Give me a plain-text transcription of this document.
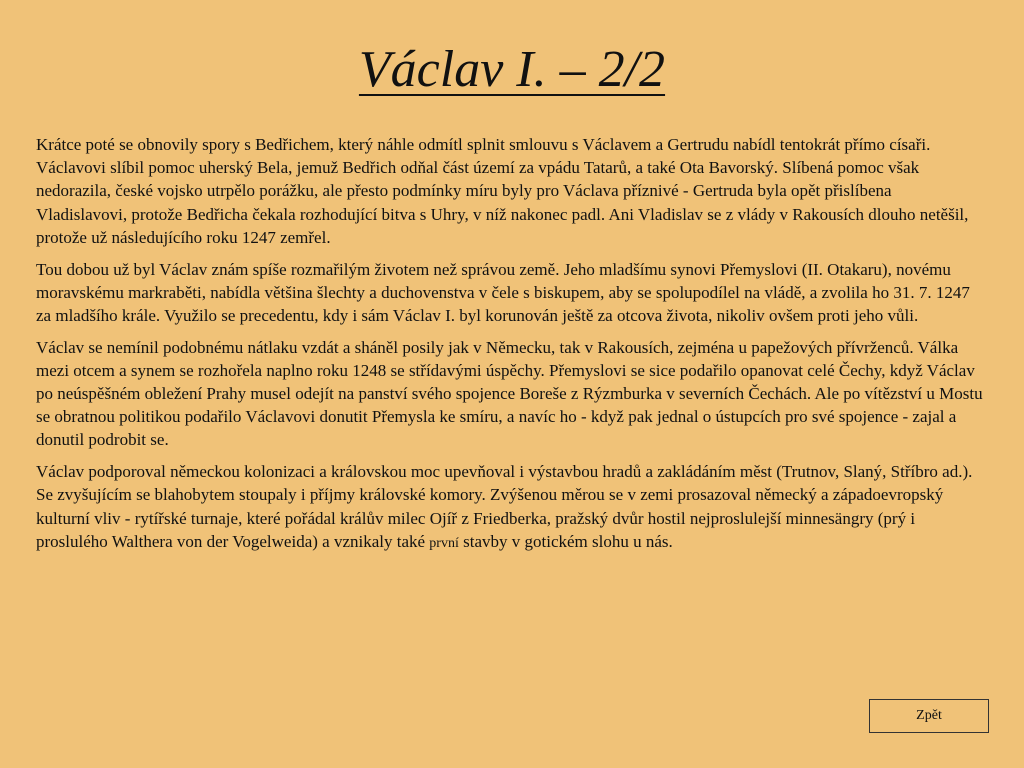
Václav I. – 2/2

Krátce poté se obnovily spory s Bedřichem, který náhle odmítl splnit smlouvu s Václavem a Gertrudu nabídl tentokrát přímo císaři. Václavovi slíbil pomoc uherský Bela, jemuž Bedřich odňal část území za vpádu Tatarů, a také Ota Bavorský. Slíbená pomoc však nedorazila, české vojsko utrpělo porážku, ale přesto podmínky míru byly pro Václava příznivé - Gertruda byla opět přislíbena Vladislavovi, protože Bedřicha čekala rozhodující bitva s Uhry, v níž nakonec padl. Ani Vladislav se z vlády v Rakousích dlouho netěšil, protože už následujícího roku 1247 zemřel.

Tou dobou už byl Václav znám spíše rozmařilým životem než správou země. Jeho mladšímu synovi Přemyslovi (II. Otakaru), novému moravskému markraběti, nabídla většina šlechty a duchovenstva v čele s biskupem, aby se spolupodílel na vládě, a zvolila ho 31. 7. 1247 za mladšího krále. Využilo se precedentu, kdy i sám Václav I. byl korunován ještě za otcova života, nikoliv ovšem proti jeho vůli.

Václav se nemínil podobnému nátlaku vzdát a sháněl posily jak v Německu, tak v Rakousích, zejména u papežových přívrženců. Válka mezi otcem a synem se rozhořela naplno roku 1248 se střídavými úspěchy. Přemyslovi se sice podařilo opanovat celé Čechy, když Václav po neúspěšném obležení Prahy musel odejít na panství svého spojence Boreše z Rýzmburka v severních Čechách. Ale po vítězství u Mostu se obratnou politikou podařilo Václavovi donutit Přemysla ke smíru, a navíc ho - když pak jednal o ústupcích pro své spojence - zajal a donutil podrobit se.

Václav podporoval německou kolonizaci a královskou moc upevňoval i výstavbou hradů a zakládáním měst (Trutnov, Slaný, Stříbro ad.). Se zvyšujícím se blahobytem stoupaly i příjmy královské komory. Zvýšenou měrou se v zemi prosazoval německý a západoevropský kulturní vliv - rytířské turnaje, které pořádal králův milec Ojíř z Friedberka, pražský dvůr hostil nejproslulejší minnesängry (prý i proslulého Walthera von der Vogelweida) a vznikaly také první stavby v gotickém slohu u nás.

Zpět
